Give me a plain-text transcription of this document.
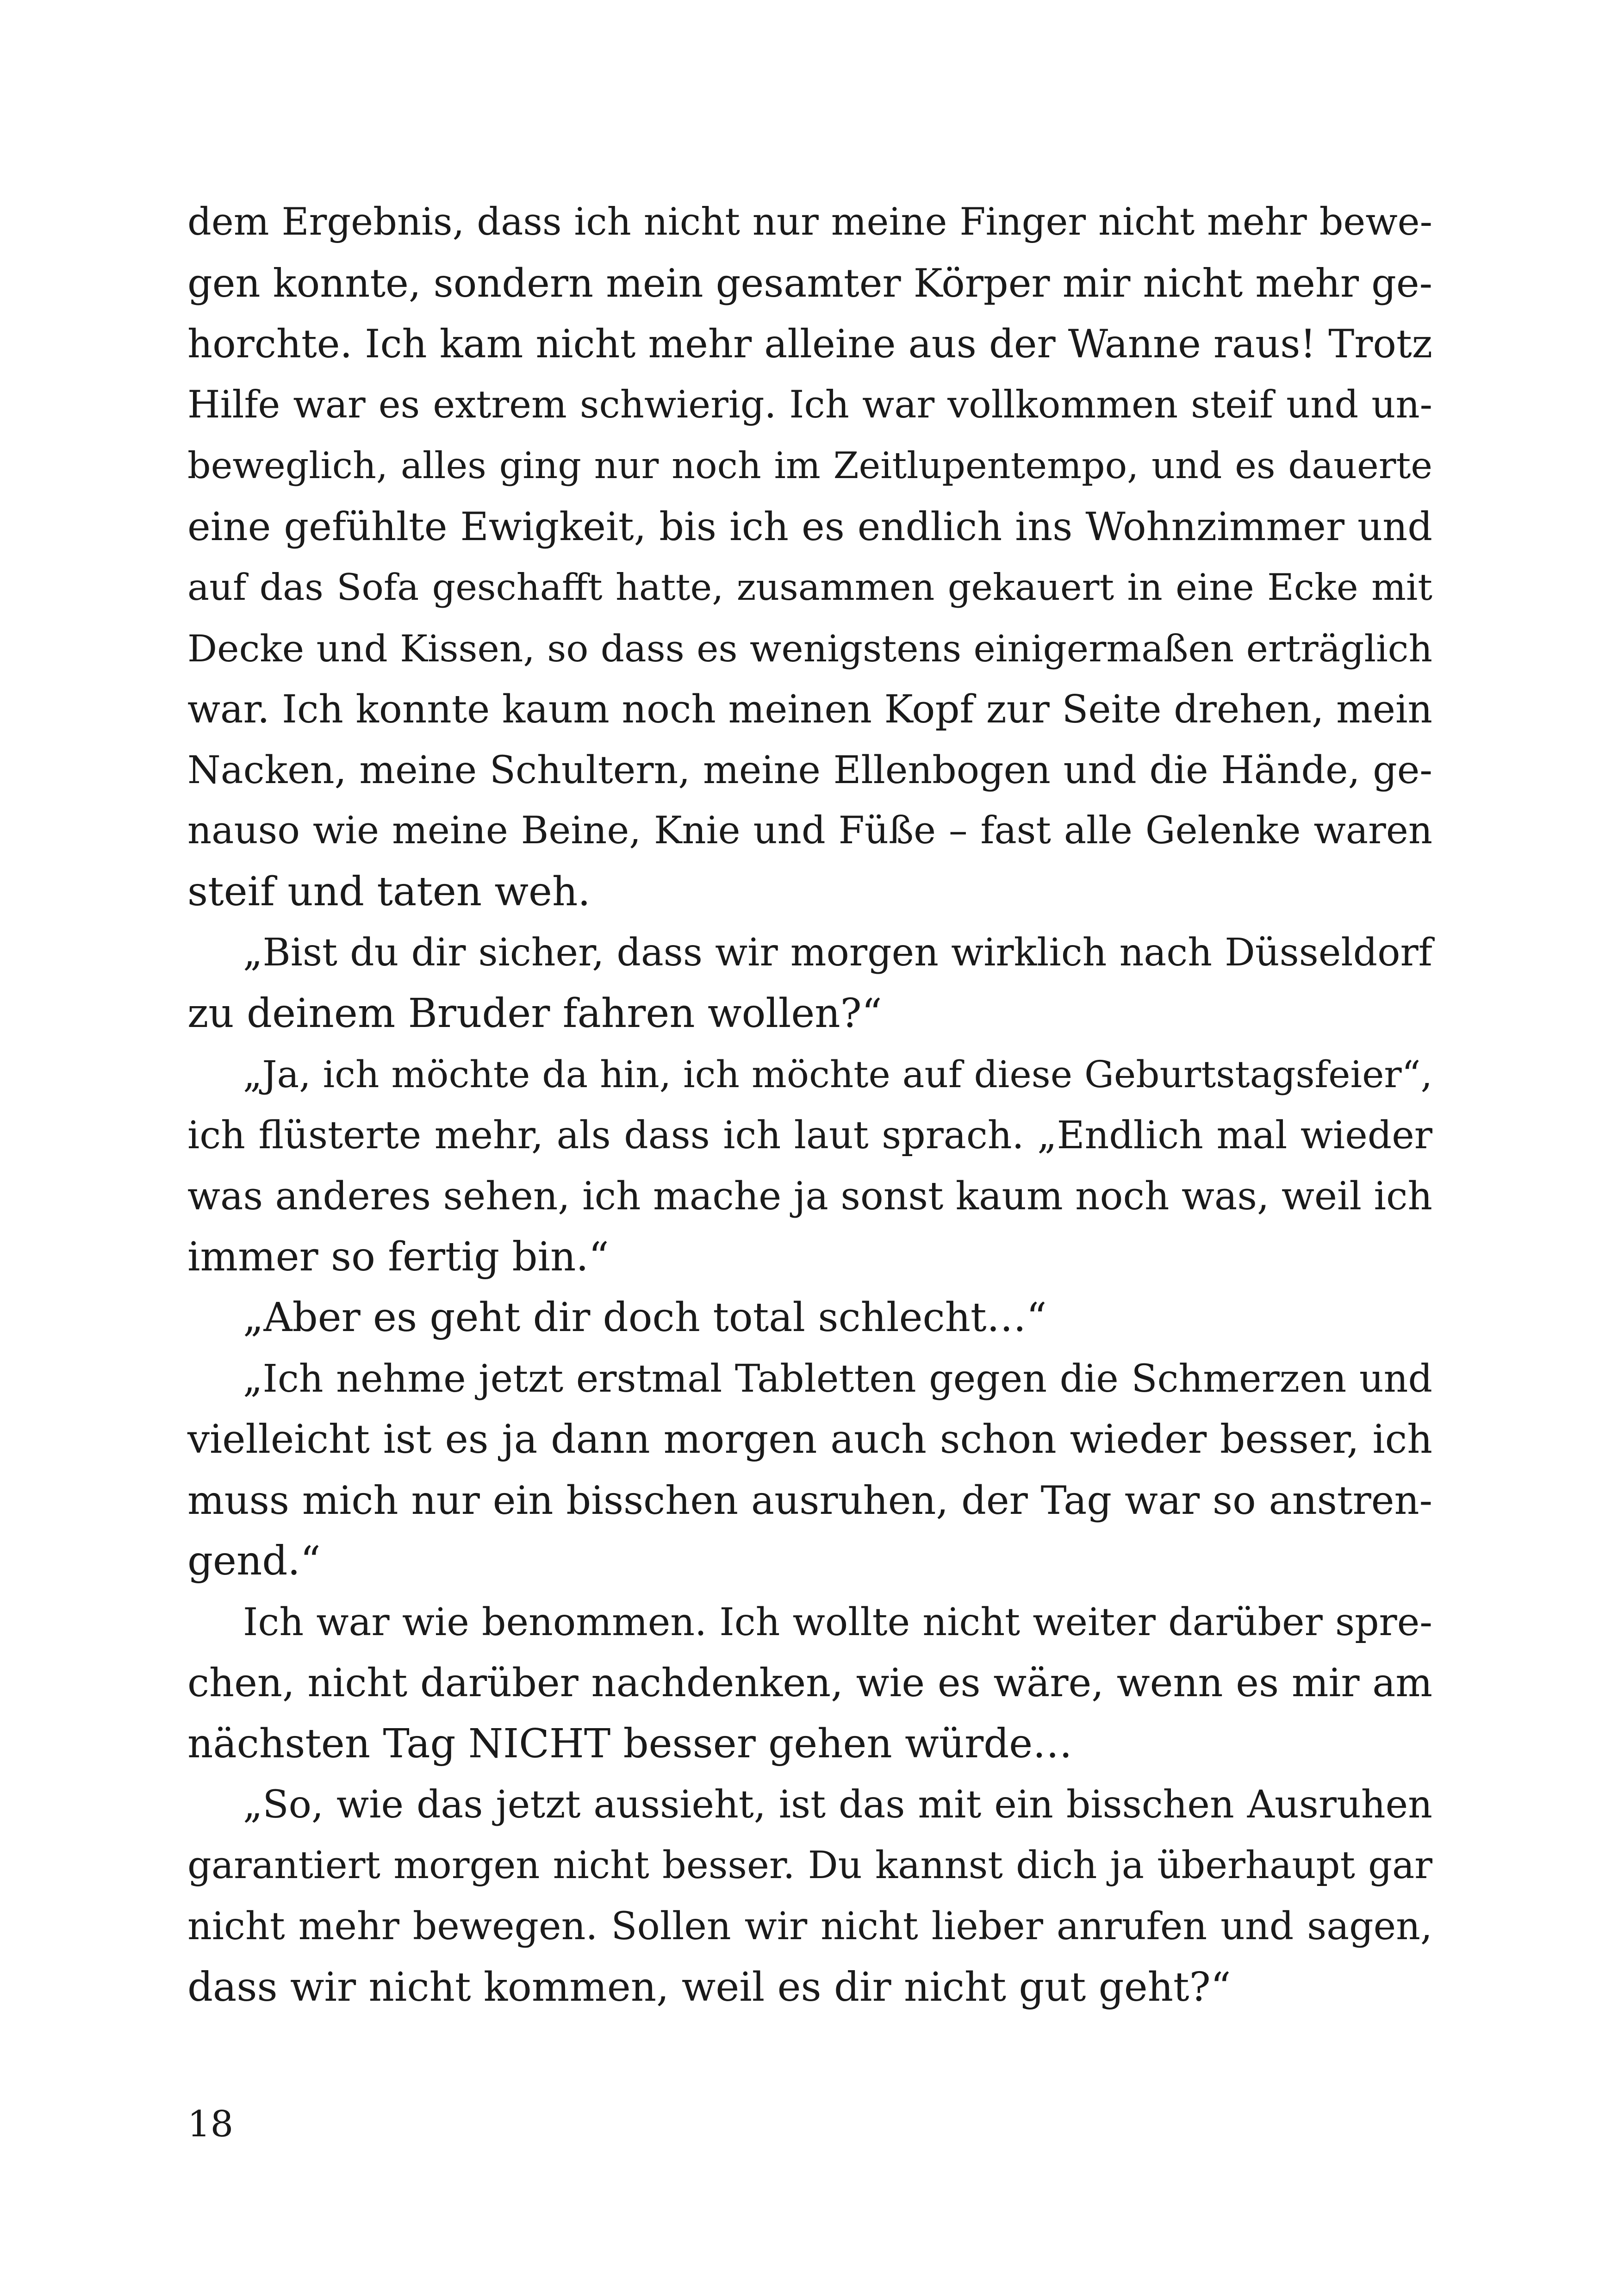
dem Ergebnis, dass ich nicht nur meine Finger nicht mehr bewe-
gen konnte, sondern mein gesamter Körper mir nicht mehr ge-
horchte. Ich kam nicht mehr alleine aus der Wanne raus! Trotz
Hilfe war es extrem schwierig. Ich war vollkommen steif und un-
beweglich, alles ging nur noch im Zeitlupentempo, und es dauerte
eine gefühlte Ewigkeit, bis ich es endlich ins Wohnzimmer und
auf das Sofa geschafft hatte, zusammen gekauert in eine Ecke mit
Decke und Kissen, so dass es wenigstens einigermaßen erträglich
war. Ich konnte kaum noch meinen Kopf zur Seite drehen, mein
Nacken, meine Schultern, meine Ellenbogen und die Hände, ge-
nauso wie meine Beine, Knie und Füße – fast alle Gelenke waren
steif und taten weh.
„Bist du dir sicher, dass wir morgen wirklich nach Düsseldorf
zu deinem Bruder fahren wollen?“
„Ja, ich möchte da hin, ich möchte auf diese Geburtstagsfeier“,
ich flüsterte mehr, als dass ich laut sprach. „Endlich mal wieder
was anderes sehen, ich mache ja sonst kaum noch was, weil ich
immer so fertig bin.“
„Aber es geht dir doch total schlecht…“
„Ich nehme jetzt erstmal Tabletten gegen die Schmerzen und
vielleicht ist es ja dann morgen auch schon wieder besser, ich
muss mich nur ein bisschen ausruhen, der Tag war so anstren-
gend.“
Ich war wie benommen. Ich wollte nicht weiter darüber spre-
chen, nicht darüber nachdenken, wie es wäre, wenn es mir am
nächsten Tag NICHT besser gehen würde…
„So, wie das jetzt aussieht, ist das mit ein bisschen Ausruhen
garantiert morgen nicht besser. Du kannst dich ja überhaupt gar
nicht mehr bewegen. Sollen wir nicht lieber anrufen und sagen,
dass wir nicht kommen, weil es dir nicht gut geht?“
18
